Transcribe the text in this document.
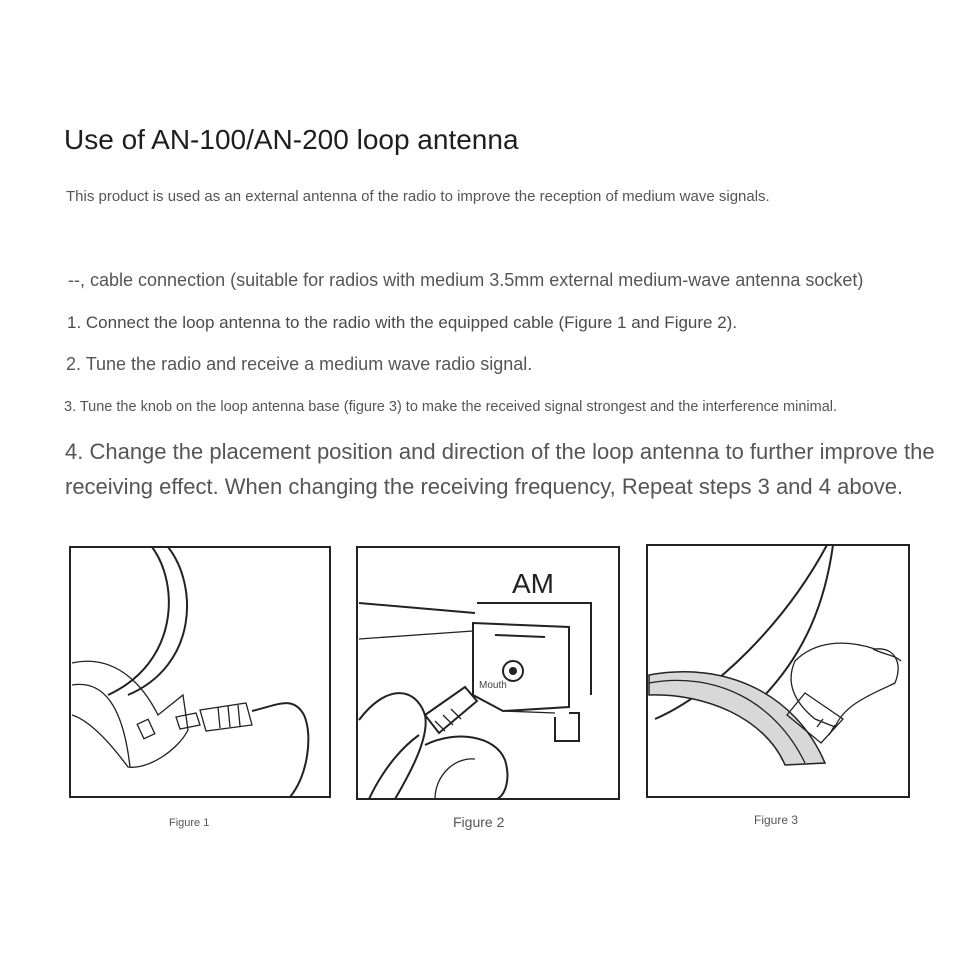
Use of AN-100/AN-200 loop antenna
This product is used as an external antenna of the radio to improve the reception of medium wave signals.
--, cable connection (suitable for radios with medium 3.5mm external medium-wave antenna socket)
1. Connect the loop antenna to the radio with the equipped cable (Figure 1 and Figure 2).
2. Tune the radio and receive a medium wave radio signal.
3. Tune the knob on the loop antenna base (figure 3) to make the received signal strongest and the interference minimal.
4. Change the placement position and direction of the loop antenna to further improve the receiving effect. When changing the receiving frequency, Repeat steps 3 and 4 above.
Figure 1
AM
Mouth
Figure 2	Figure 3
